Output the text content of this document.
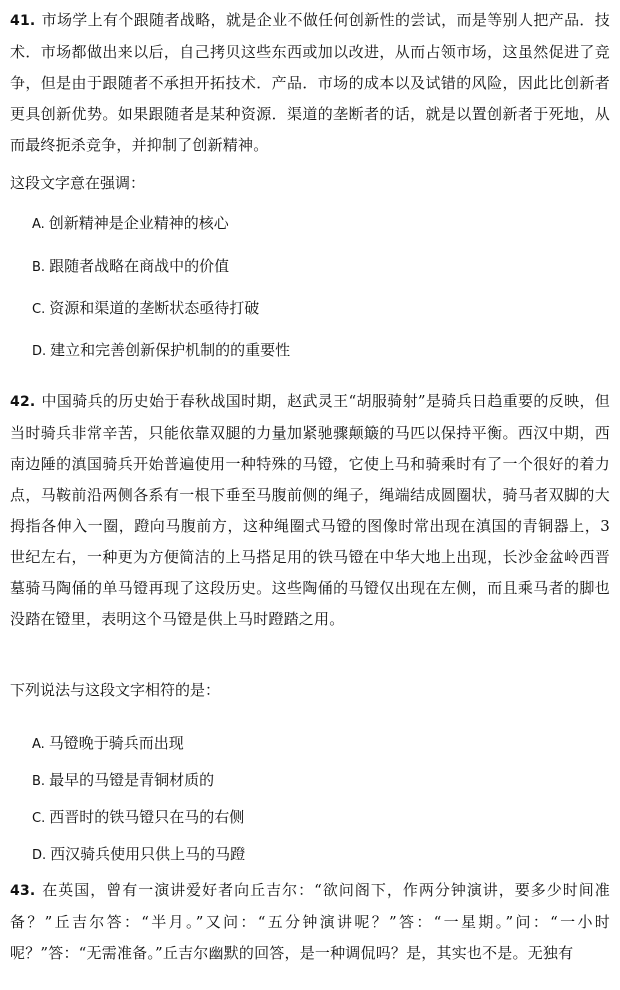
41. 市场学上有个跟随者战略，就是企业不做任何创新性的尝试，而是等别人把产品．技术．市场都做出来以后，自己拷贝这些东西或加以改进，从而占领市场，这虽然促进了竞争，但是由于跟随者不承担开拓技术．产品．市场的成本以及试错的风险，因此比创新者更具创新优势。如果跟随者是某种资源．渠道的垄断者的话，就是以置创新者于死地，从而最终扼杀竞争，并抑制了创新精神。
这段文字意在强调：
A. 创新精神是企业精神的核心
B. 跟随者战略在商战中的价值
C. 资源和渠道的垄断状态亟待打破
D. 建立和完善创新保护机制的的重要性
42. 中国骑兵的历史始于春秋战国时期，赵武灵王“胡服骑射”是骑兵日趋重要的反映，但当时骑兵非常辛苦，只能依靠双腿的力量加紧驰骤颠簸的马匹以保持平衡。西汉中期，西南边陲的滇国骑兵开始普遍使用一种特殊的马镫，它使上马和骑乘时有了一个很好的着力点，马鞍前沿两侧各系有一根下垂至马腹前侧的绳子，绳端结成圆圈状，骑马者双脚的大拇指各伸入一圈，蹬向马腹前方，这种绳圈式马镫的图像时常出现在滇国的青铜器上，3世纪左右，一种更为方便简洁的上马搭足用的铁马镫在中华大地上出现，长沙金盆岭西晋墓骑马陶俑的单马镫再现了这段历史。这些陶俑的马镫仅出现在左侧，而且乘马者的脚也没踏在镫里，表明这个马镫是供上马时蹬踏之用。
下列说法与这段文字相符的是：
A. 马镫晚于骑兵而出现
B. 最早的马镫是青铜材质的
C. 西晋时的铁马镫只在马的右侧
D. 西汉骑兵使用只供上马的马蹬
43. 在英国，曾有一演讲爱好者向丘吉尔：“欲问阁下，作两分钟演讲，要多少时间准备？”丘吉尔答：“半月。”又问：“五分钟演讲呢？”答：“一星期。”问：“一小时呢？”答：“无需准备。”丘吉尔幽默的回答，是一种调侃吗？是，其实也不是。无独有
